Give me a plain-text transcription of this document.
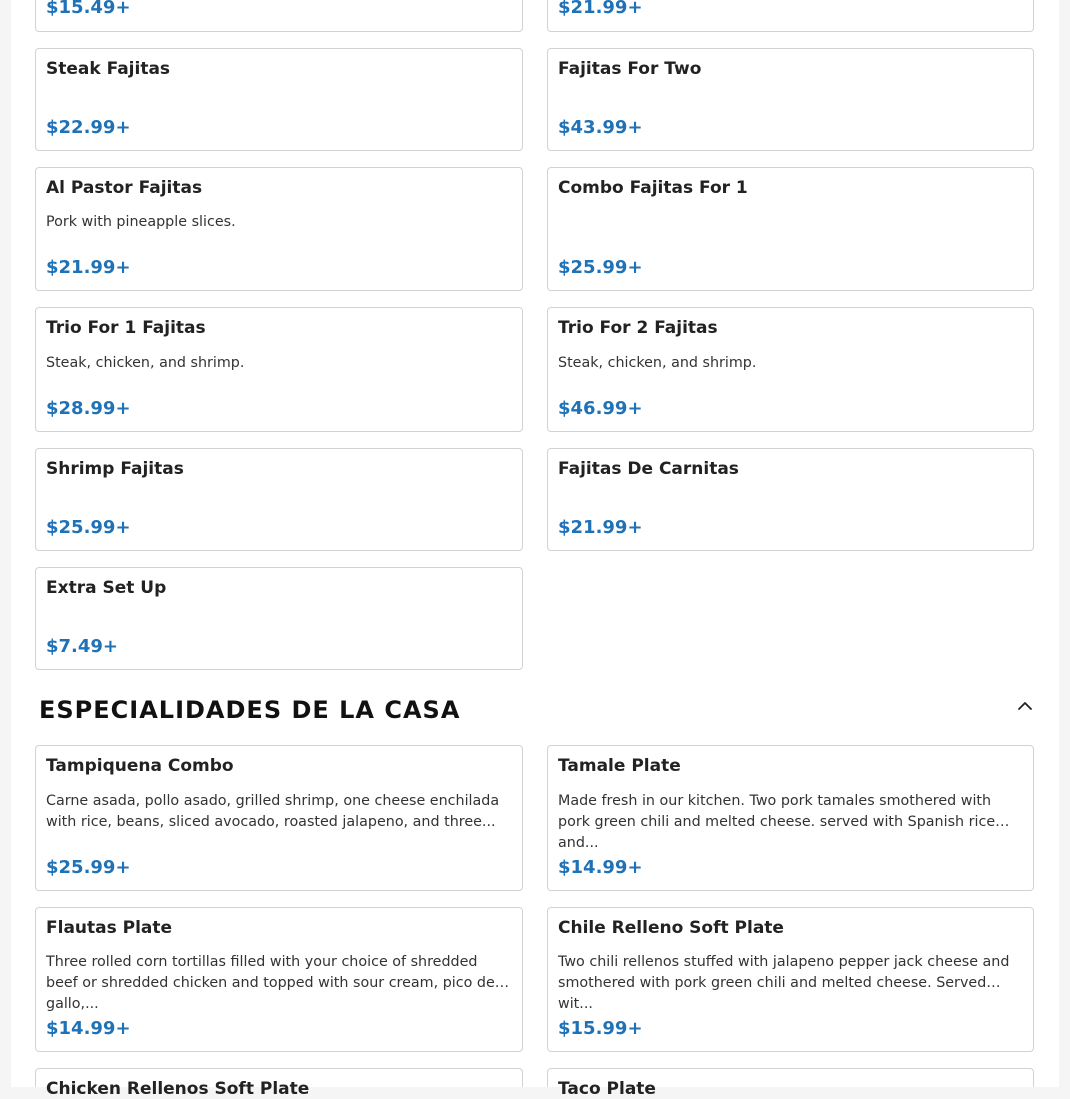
$15.49+	$21.99+
Steak Fajitas
$22.99+
Fajitas For Two
$43.99+
Al Pastor Fajitas
Pork with pineapple slices.
$21.99+
Combo Fajitas For 1
$25.99+
Trio For 1 Fajitas
Steak, chicken, and shrimp.
$28.99+
Trio For 2 Fajitas
Steak, chicken, and shrimp.
$46.99+
Shrimp Fajitas
$25.99+
Fajitas De Carnitas
$21.99+
Extra Set Up
$7.49+
ESPECIALIDADES DE LA CASA
Tampiquena Combo
Carne asada, pollo asado, grilled shrimp, one cheese enchilada with rice, beans, sliced avocado, roasted jalapeno, and three...
$25.99+
Tamale Plate
Made fresh in our kitchen. Two pork tamales smothered with pork green chili and melted cheese. served with Spanish rice and...
$14.99+
Flautas Plate
Three rolled corn tortillas filled with your choice of shredded beef or shredded chicken and topped with sour cream, pico de gallo,...
$14.99+
Chile Relleno Soft Plate
Two chili rellenos stuffed with jalapeno pepper jack cheese and smothered with pork green chili and melted cheese. Served wit...
$15.99+
Chicken Rellenos Soft Plate	Taco Plate
